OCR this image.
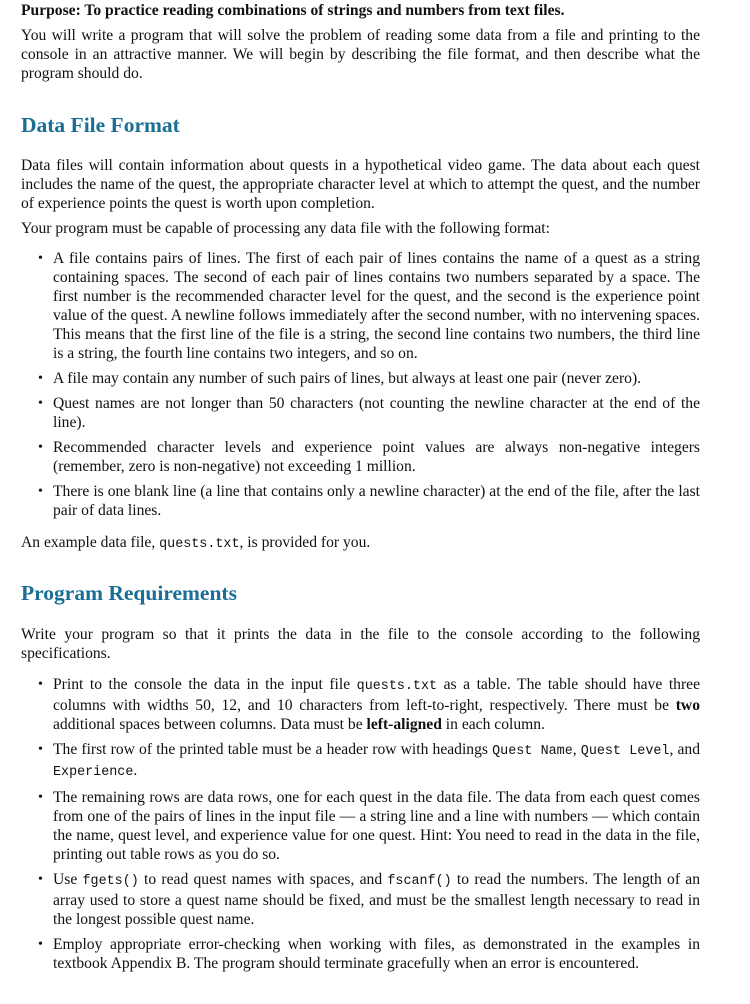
Purpose: To practice reading combinations of strings and numbers from text files.

You will write a program that will solve the problem of reading some data from a file and printing to the console in an attractive manner. We will begin by describing the file format, and then describe what the program should do.

Data File Format

Data files will contain information about quests in a hypothetical video game. The data about each quest includes the name of the quest, the appropriate character level at which to attempt the quest, and the number of experience points the quest is worth upon completion.

Your program must be capable of processing any data file with the following format:

• A file contains pairs of lines. The first of each pair of lines contains the name of a quest as a string containing spaces. The second of each pair of lines contains two numbers separated by a space. The first number is the recommended character level for the quest, and the second is the experience point value of the quest. A newline follows immediately after the second number, with no intervening spaces. This means that the first line of the file is a string, the second line contains two numbers, the third line is a string, the fourth line contains two integers, and so on.
• A file may contain any number of such pairs of lines, but always at least one pair (never zero).
• Quest names are not longer than 50 characters (not counting the newline character at the end of the line).
• Recommended character levels and experience point values are always non-negative integers (remember, zero is non-negative) not exceeding 1 million.
• There is one blank line (a line that contains only a newline character) at the end of the file, after the last pair of data lines.

An example data file, quests.txt, is provided for you.

Program Requirements

Write your program so that it prints the data in the file to the console according to the following specifications.

• Print to the console the data in the input file quests.txt as a table. The table should have three columns with widths 50, 12, and 10 characters from left-to-right, respectively. There must be two additional spaces between columns. Data must be left-aligned in each column.
• The first row of the printed table must be a header row with headings Quest Name, Quest Level, and Experience.
• The remaining rows are data rows, one for each quest in the data file. The data from each quest comes from one of the pairs of lines in the input file — a string line and a line with numbers — which contain the name, quest level, and experience value for one quest. Hint: You need to read in the data in the file, printing out table rows as you do so.
• Use fgets() to read quest names with spaces, and fscanf() to read the numbers. The length of an array used to store a quest name should be fixed, and must be the smallest length necessary to read in the longest possible quest name.
• Employ appropriate error-checking when working with files, as demonstrated in the examples in textbook Appendix B. The program should terminate gracefully when an error is encountered.
